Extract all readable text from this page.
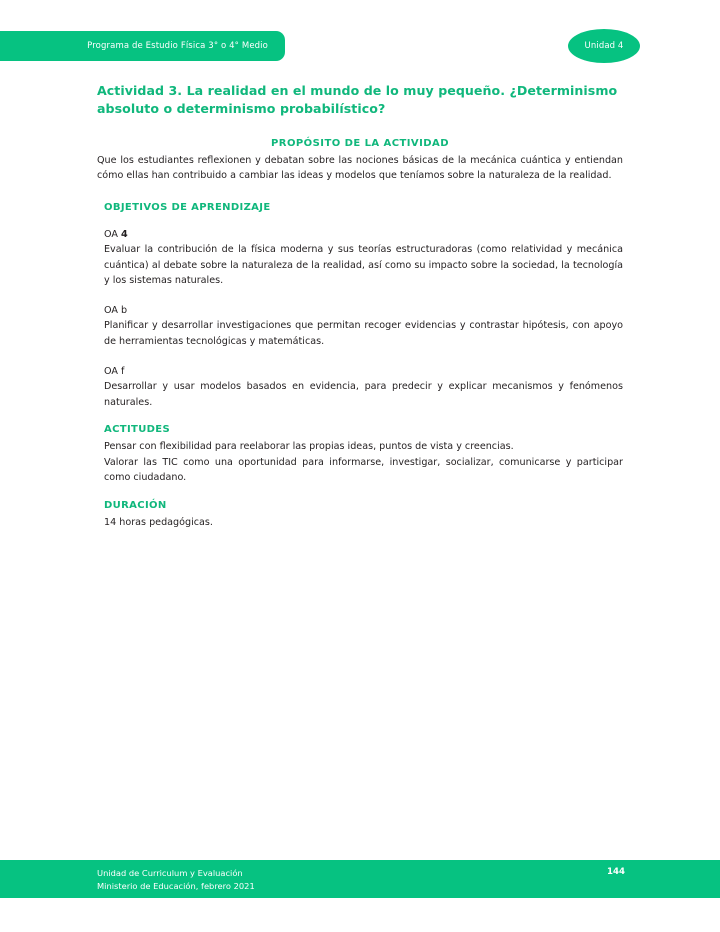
Programa de Estudio Física 3° o 4° Medio	Unidad 4
Actividad 3. La realidad en el mundo de lo muy pequeño. ¿Determinismo absoluto o determinismo probabilístico?
PROPÓSITO DE LA ACTIVIDAD

Que los estudiantes reflexionen y debatan sobre las nociones básicas de la mecánica cuántica y entiendan cómo ellas han contribuido a cambiar las ideas y modelos que teníamos sobre la naturaleza de la realidad.

OBJETIVOS DE APRENDIZAJE

OA 4

Evaluar la contribución de la física moderna y sus teorías estructuradoras (como relatividad y mecánica cuántica) al debate sobre la naturaleza de la realidad, así como su impacto sobre la sociedad, la tecnología y los sistemas naturales.

OA b

Planificar y desarrollar investigaciones que permitan recoger evidencias y contrastar hipótesis, con apoyo de herramientas tecnológicas y matemáticas.

OA f

Desarrollar y usar modelos basados en evidencia, para predecir y explicar mecanismos y fenómenos naturales.

ACTITUDES

Pensar con flexibilidad para reelaborar las propias ideas, puntos de vista y creencias.

Valorar las TIC como una oportunidad para informarse, investigar, socializar, comunicarse y participar como ciudadano.

DURACIÓN

14 horas pedagógicas.

Unidad de Curriculum y Evaluación
Ministerio de Educación, febrero 2021
144
